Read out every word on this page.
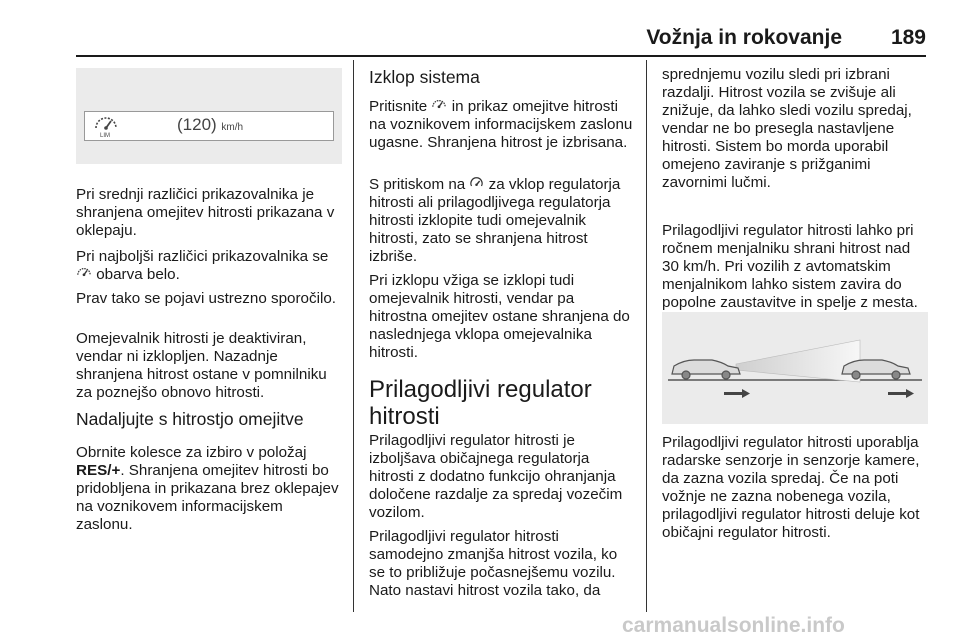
Vožnja in rokovanje 189
LIM
(120) km/h

Pri srednji različici prikazovalnika je shranjena omejitev hitrosti prikazana v oklepaju.

Pri najboljši različici prikazovalnika se  obarva belo.

Prav tako se pojavi ustrezno sporočilo.

Omejevalnik hitrosti je deaktiviran, vendar ni izklopljen. Nazadnje shranjena hitrost ostane v pomnilniku za poznejšo obnovo hitrosti.

Nadaljujte s hitrostjo omejitve

Obrnite kolesce za izbiro v položaj RES/+. Shranjena omejitev hitrosti bo pridobljena in prikazana brez oklepajev na voznikovem informacijskem zaslonu.

Izklop sistema

Pritisnite  in prikaz omejitve hitrosti na voznikovem informacijskem zaslonu ugasne. Shranjena hitrost je izbrisana.

S pritiskom na  za vklop regulatorja hitrosti ali prilagodljivega regulatorja hitrosti izklopite tudi omejevalnik hitrosti, zato se shranjena hitrost izbriše.

Pri izklopu vžiga se izklopi tudi omejevalnik hitrosti, vendar pa hitrostna omejitev ostane shranjena do naslednjega vklopa omejevalnika hitrosti.

Prilagodljivi regulator hitrosti

Prilagodljivi regulator hitrosti je izboljšava običajnega regulatorja hitrosti z dodatno funkcijo ohranjanja določene razdalje za spredaj vozečim vozilom.

Prilagodljivi regulator hitrosti samodejno zmanjša hitrost vozila, ko se to približuje počasnejšemu vozilu. Nato nastavi hitrost vozila tako, da

sprednjemu vozilu sledi pri izbrani razdalji. Hitrost vozila se zvišuje ali znižuje, da lahko sledi vozilu spredaj, vendar ne bo presegla nastavljene hitrosti. Sistem bo morda uporabil omejeno zaviranje s prižganimi zavornimi lučmi.

Prilagodljivi regulator hitrosti lahko pri ročnem menjalniku shrani hitrost nad 30 km/h. Pri vozilih z avtomatskim menjalnikom lahko sistem zavira do popolne zaustavitve in spelje z mesta.

Prilagodljivi regulator hitrosti uporablja radarske senzorje in senzorje kamere, da zazna vozila spredaj. Če na poti vožnje ne zazna nobenega vozila, prilagodljivi regulator hitrosti deluje kot običajni regulator hitrosti.

carmanualsonline.info
